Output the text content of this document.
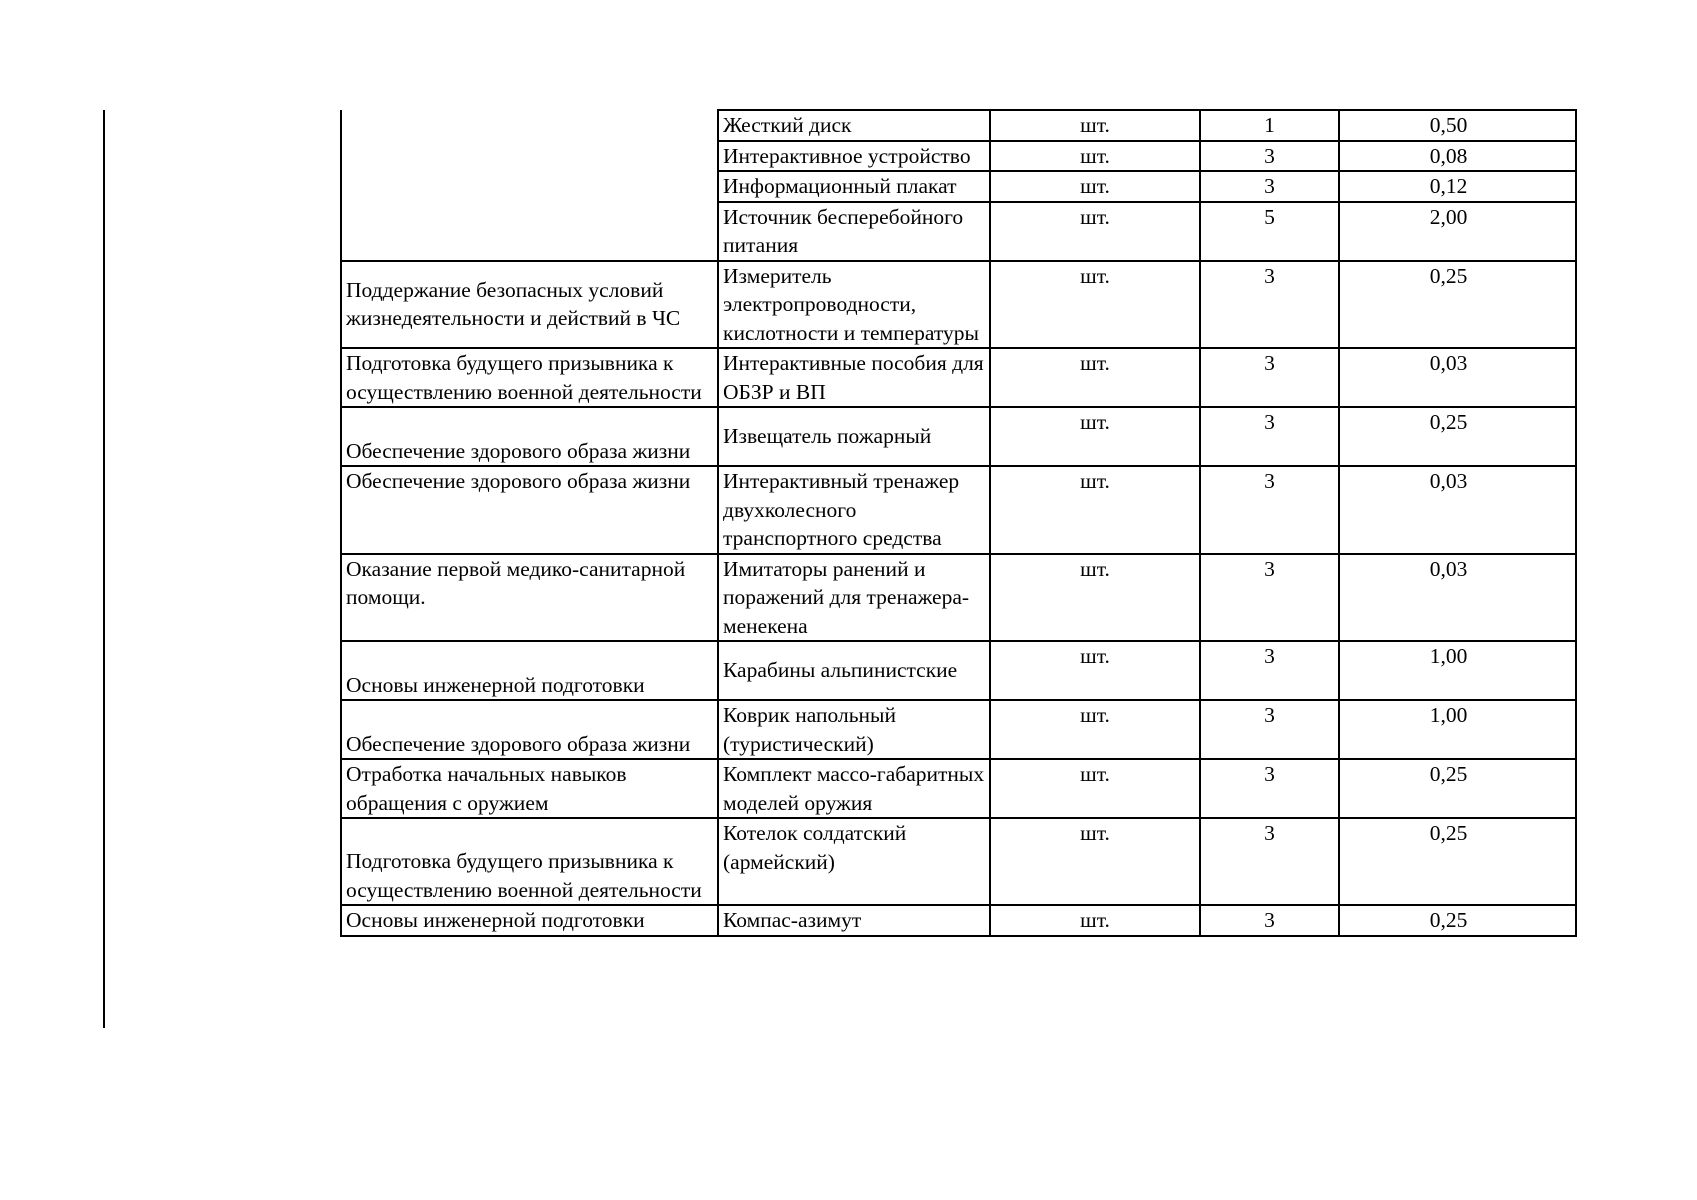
	Жесткий диск	шт.	1	0,50
	Интерактивное устройство	шт.	3	0,08
	Информационный плакат	шт.	3	0,12
	Источник бесперебойного питания	шт.	5	2,00
Поддержание безопасных условий жизнедеятельности и действий в ЧС	Измеритель электропроводности, кислотности и температуры	шт.	3	0,25
Подготовка будущего призывника к осуществлению военной деятельности	Интерактивные пособия для ОБЗР и ВП	шт.	3	0,03
Обеспечение здорового образа жизни	Извещатель пожарный	шт.	3	0,25
Обеспечение здорового образа жизни	Интерактивный тренажер двухколесного транспортного средства	шт.	3	0,03
Оказание первой медико-санитарной помощи.	Имитаторы ранений и поражений для тренажера-менекена	шт.	3	0,03
Основы инженерной подготовки	Карабины альпинистские	шт.	3	1,00
Обеспечение здорового образа жизни	Коврик напольный (туристический)	шт.	3	1,00
Отработка начальных навыков обращения с оружием	Комплект массо-габаритных моделей оружия	шт.	3	0,25
Подготовка будущего призывника к осуществлению военной деятельности	Котелок солдатский (армейский)	шт.	3	0,25
Основы инженерной подготовки	Компас-азимут	шт.	3	0,25
